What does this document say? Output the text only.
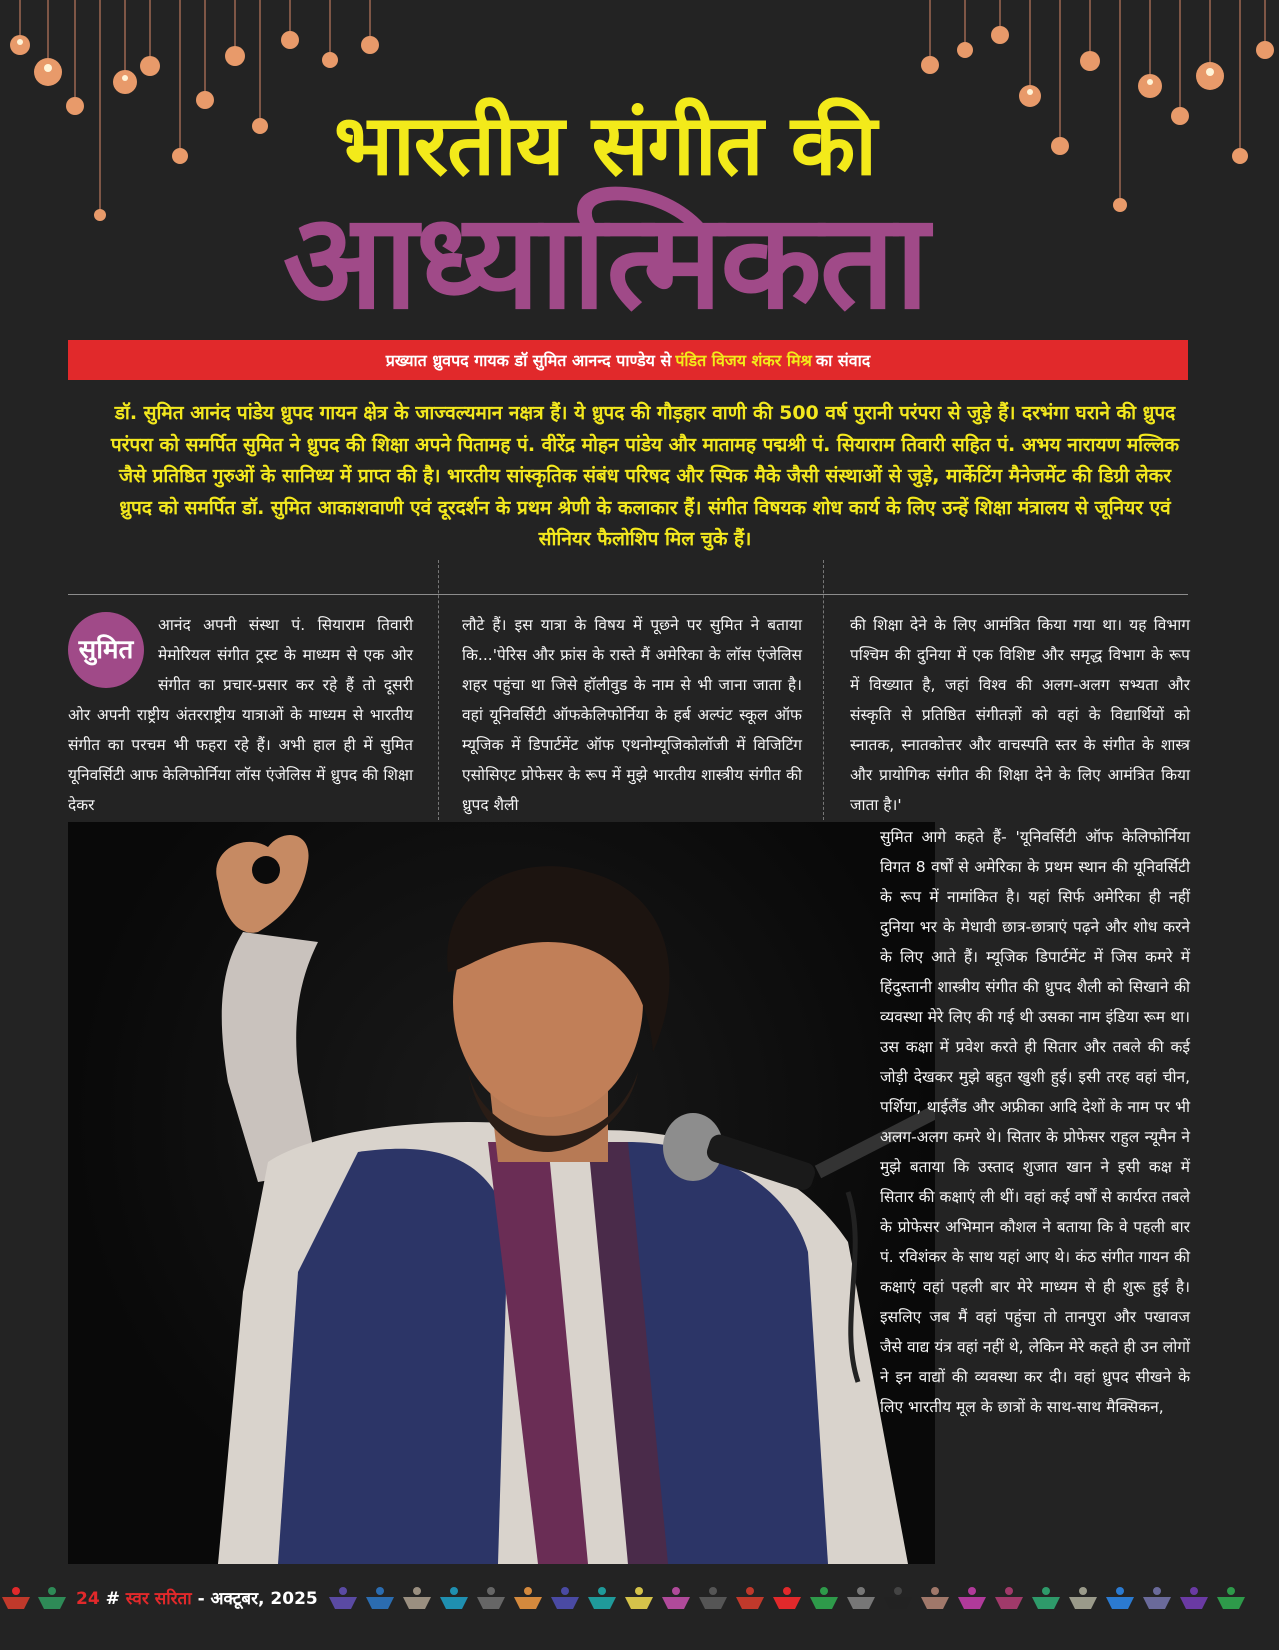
भारतीय संगीत की
आध्यात्मिकता
प्रख्यात ध्रुवपद गायक डॉ सुमित आनन्द पाण्डेय से पंडित विजय शंकर मिश्र का संवाद
डॉ. सुमित आनंद पांडेय ध्रुपद गायन क्षेत्र के जाज्वल्यमान नक्षत्र हैं। ये ध्रुपद की गौड़हार वाणी की 500 वर्ष पुरानी परंपरा से जुड़े हैं। दरभंगा घराने की ध्रुपद परंपरा को समर्पित सुमित ने ध्रुपद की शिक्षा अपने पितामह पं. वीरेंद्र मोहन पांडेय और मातामह पद्मश्री पं. सियाराम तिवारी सहित पं. अभय नारायण मल्लिक जैसे प्रतिष्ठित गुरुओं के सानिध्य में प्राप्त की है। भारतीय सांस्कृतिक संबंध परिषद और स्पिक मैके जैसी संस्थाओं से जुड़े, मार्केटिंग मैनेजमेंट की डिग्री लेकर ध्रुपद को समर्पित डॉ. सुमित आकाशवाणी एवं दूरदर्शन के प्रथम श्रेणी के कलाकार हैं। संगीत विषयक शोध कार्य के लिए उन्हें शिक्षा मंत्रालय से जूनियर एवं सीनियर फैलोशिप मिल चुके हैं।
सुमित
आनंद अपनी संस्था पं. सियाराम तिवारी मेमोरियल संगीत ट्रस्ट के माध्यम से एक ओर संगीत का प्रचार-प्रसार कर रहे हैं तो दूसरी ओर अपनी राष्ट्रीय अंतरराष्ट्रीय यात्राओं के माध्यम से भारतीय संगीत का परचम भी फहरा रहे हैं। अभी हाल ही में सुमित यूनिवर्सिटी आफ केलिफोर्निया लॉस एंजेलिस में ध्रुपद की शिक्षा देकर
लौटे हैं। इस यात्रा के विषय में पूछने पर सुमित ने बताया कि...'पेरिस और फ्रांस के रास्ते मैं अमेरिका के लॉस एंजेलिस शहर पहुंचा था जिसे हॉलीवुड के नाम से भी जाना जाता है। वहां यूनिवर्सिटी ऑफकेलिफोर्निया के हर्ब अल्पंट स्कूल ऑफ म्यूजिक में डिपार्टमेंट ऑफ एथनोम्यूजिकोलॉजी में विजिटिंग एसोसिएट प्रोफेसर के रूप में मुझे भारतीय शास्त्रीय संगीत की ध्रुपद शैली
की शिक्षा देने के लिए आमंत्रित किया गया था। यह विभाग पश्चिम की दुनिया में एक विशिष्ट और समृद्ध विभाग के रूप में विख्यात है, जहां विश्व की अलग-अलग सभ्यता और संस्कृति से प्रतिष्ठित संगीतज्ञों को वहां के विद्यार्थियों को स्नातक, स्नातकोत्तर और वाचस्पति स्तर के संगीत के शास्त्र और प्रायोगिक संगीत की शिक्षा देने के लिए आमंत्रित किया जाता है।'
सुमित आगे कहते हैं- 'यूनिवर्सिटी ऑफ केलिफोर्निया विगत 8 वर्षों से अमेरिका के प्रथम स्थान की यूनिवर्सिटी के रूप में नामांकित है। यहां सिर्फ अमेरिका ही नहीं दुनिया भर के मेधावी छात्र-छात्राएं पढ़ने और शोध करने के लिए आते हैं। म्यूजिक डिपार्टमेंट में जिस कमरे में हिंदुस्तानी शास्त्रीय संगीत की ध्रुपद शैली को सिखाने की व्यवस्था मेरे लिए की गई थी उसका नाम इंडिया रूम था। उस कक्षा में प्रवेश करते ही सितार और तबले की कई जोड़ी देखकर मुझे बहुत खुशी हुई। इसी तरह वहां चीन, पर्शिया, थाईलैंड और अफ्रीका आदि देशों के नाम पर भी अलग-अलग कमरे थे। सितार के प्रोफेसर राहुल न्यूमैन ने मुझे बताया कि उस्ताद शुजात खान ने इसी कक्ष में सितार की कक्षाएं ली थीं। वहां कई वर्षों से कार्यरत तबले के प्रोफेसर अभिमान कौशल ने बताया कि वे पहली बार पं. रविशंकर के साथ यहां आए थे। कंठ संगीत गायन की कक्षाएं वहां पहली बार मेरे माध्यम से ही शुरू हुई है। इसलिए जब मैं वहां पहुंचा तो तानपुरा और पखावज जैसे वाद्य यंत्र वहां नहीं थे, लेकिन मेरे कहते ही उन लोगों ने इन वाद्यों की व्यवस्था कर दी। वहां ध्रुपद सीखने के लिए भारतीय मूल के छात्रों के साथ-साथ मैक्सिकन,
24 # स्वर सरिता - अक्टूबर, 2025
